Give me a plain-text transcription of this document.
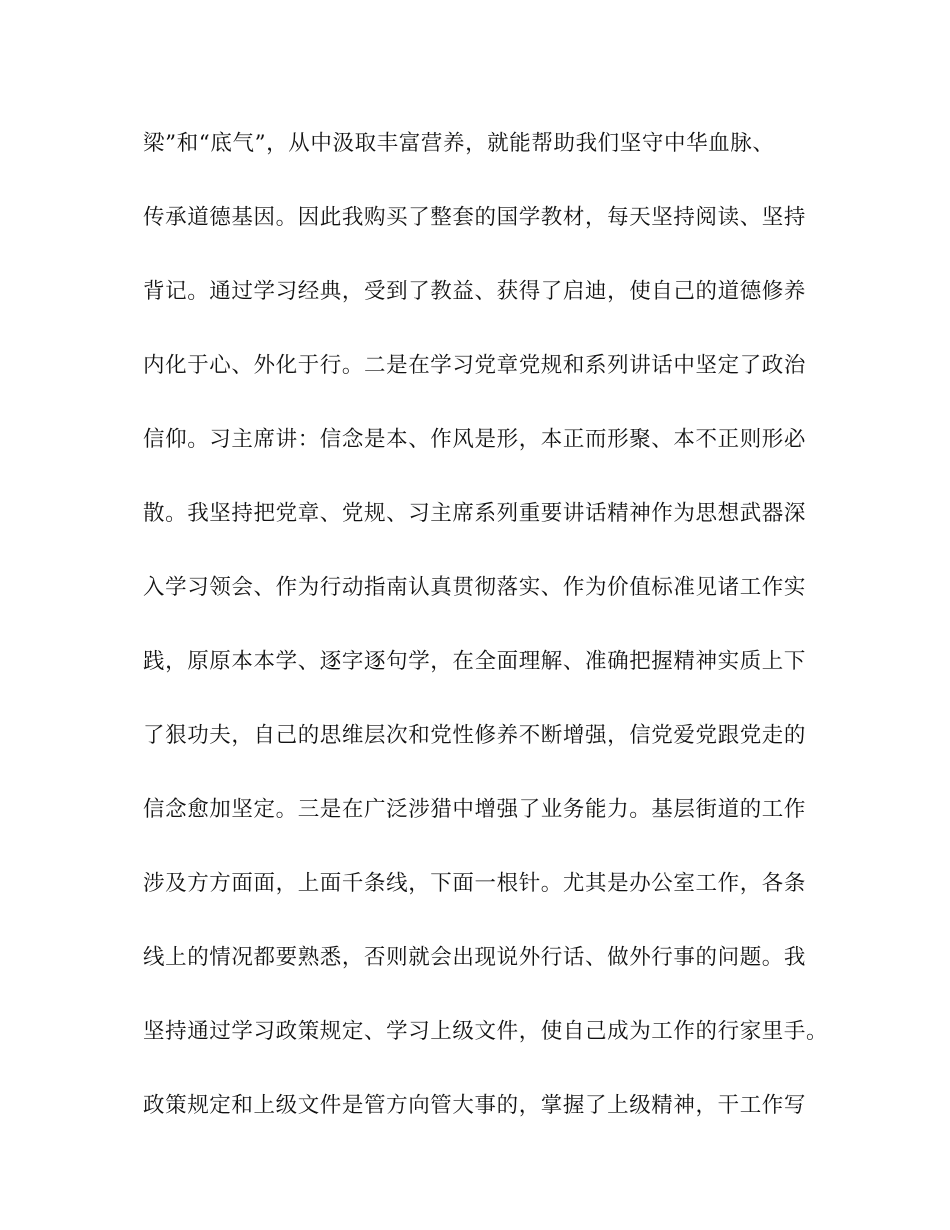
梁”和“底气”，从中汲取丰富营养，就能帮助我们坚守中华血脉、
传承道德基因。因此我购买了整套的国学教材，每天坚持阅读、坚持
背记。通过学习经典，受到了教益、获得了启迪，使自己的道德修养
内化于心、外化于行。二是在学习党章党规和系列讲话中坚定了政治
信仰。习主席讲：信念是本、作风是形，本正而形聚、本不正则形必
散。我坚持把党章、党规、习主席系列重要讲话精神作为思想武器深
入学习领会、作为行动指南认真贯彻落实、作为价值标准见诸工作实
践，原原本本学、逐字逐句学，在全面理解、准确把握精神实质上下
了狠功夫，自己的思维层次和党性修养不断增强，信党爱党跟党走的
信念愈加坚定。三是在广泛涉猎中增强了业务能力。基层街道的工作
涉及方方面面，上面千条线，下面一根针。尤其是办公室工作，各条
线上的情况都要熟悉，否则就会出现说外行话、做外行事的问题。我
坚持通过学习政策规定、学习上级文件，使自己成为工作的行家里手。
政策规定和上级文件是管方向管大事的，掌握了上级精神，干工作写
